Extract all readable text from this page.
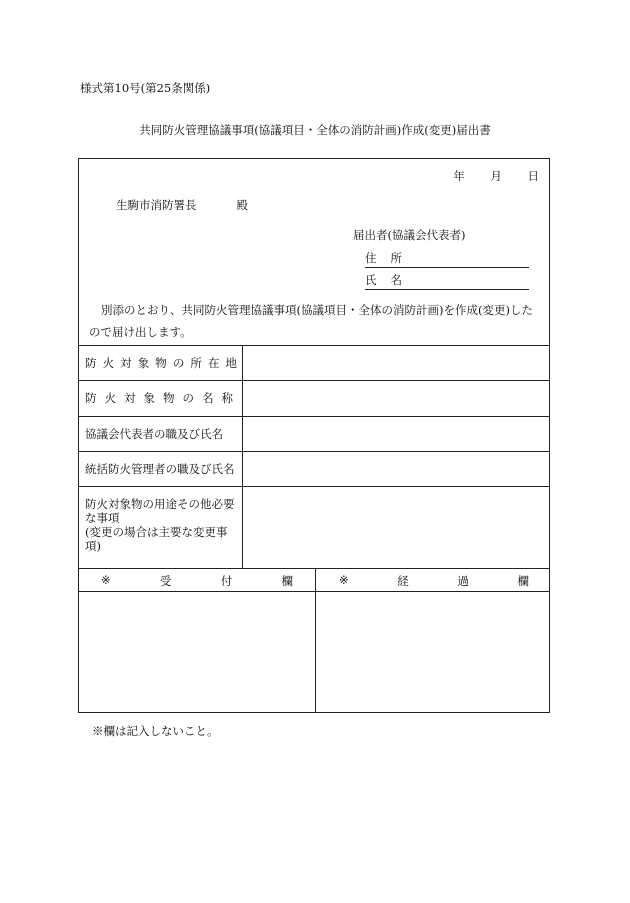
様式第10号(第25条関係)
共同防火管理協議事項(協議項目・全体の消防計画)作成(変更)届出書
年 月 日
生駒市消防署長	殿
届出者(協議会代表者)
住所
氏名
別添のとおり、共同防火管理協議事項(協議項目・全体の消防計画)を作成(変更)したので届け出します。
防 火 対 象 物 の 所 在 地
防 火 対 象 物 の 名 称
協議会代表者の職及び氏名
統括防火管理者の職及び氏名
防火対象物の用途その他必要
な事項
(変更の場合は主要な変更事
項)
※	受	付	欄	※	経	過	欄
※欄は記入しないこと。
